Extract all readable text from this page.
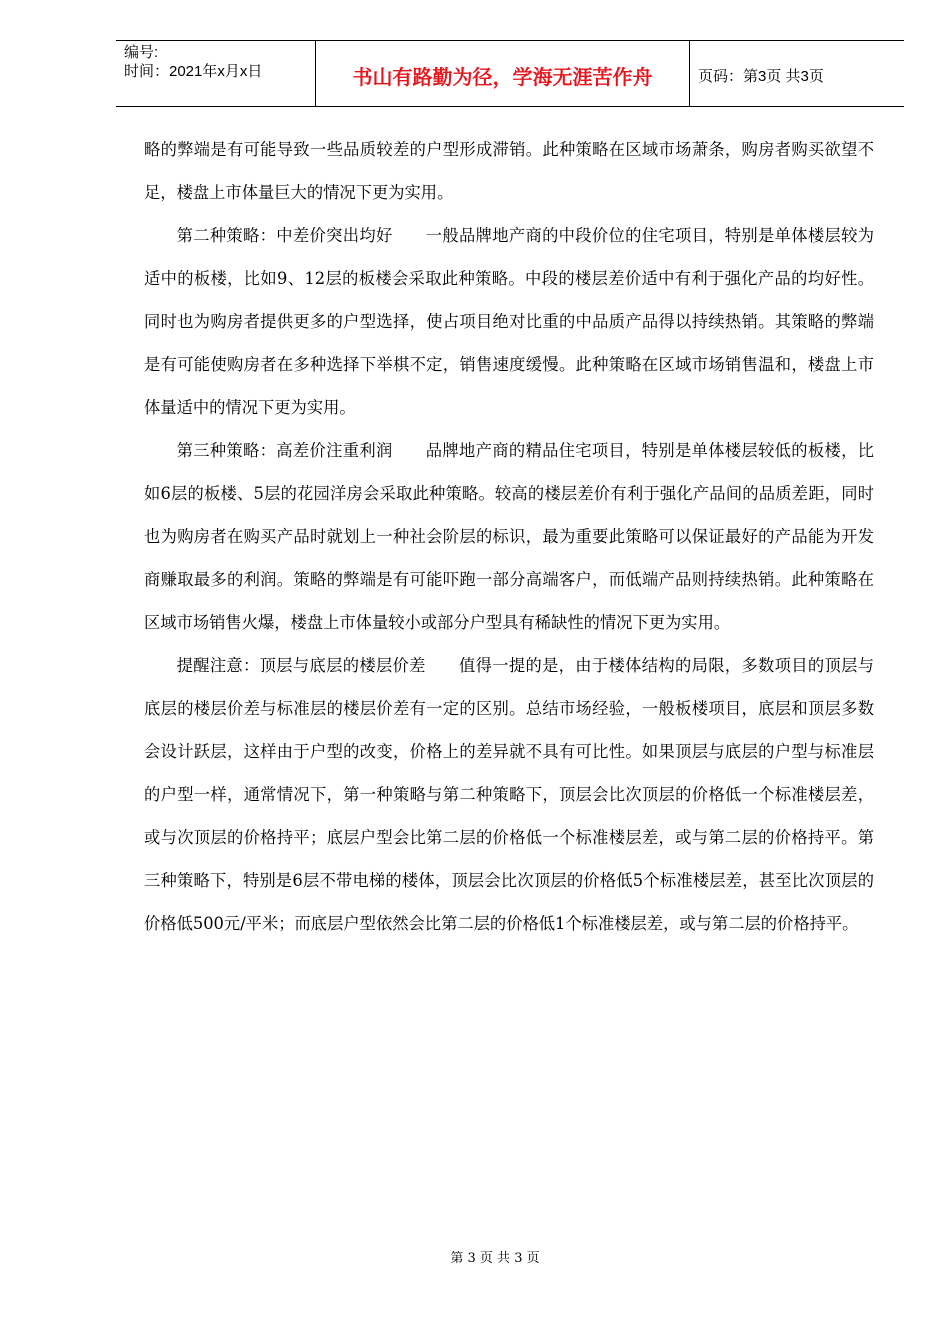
编号:
时间：2021年x月x日	书山有路勤为径，学海无涯苦作舟	页码：第3页 共3页

略的弊端是有可能导致一些品质较差的户型形成滞销。此种策略在区域市场萧条，购房者购买欲望不足，楼盘上市体量巨大的情况下更为实用。

第二种策略：中差价突出均好　　一般品牌地产商的中段价位的住宅项目，特别是单体楼层较为适中的板楼，比如9、12层的板楼会采取此种策略。中段的楼层差价适中有利于强化产品的均好性。同时也为购房者提供更多的户型选择，使占项目绝对比重的中品质产品得以持续热销。其策略的弊端是有可能使购房者在多种选择下举棋不定，销售速度缓慢。此种策略在区域市场销售温和，楼盘上市体量适中的情况下更为实用。

第三种策略：高差价注重利润　　品牌地产商的精品住宅项目，特别是单体楼层较低的板楼，比如6层的板楼、5层的花园洋房会采取此种策略。较高的楼层差价有利于强化产品间的品质差距，同时也为购房者在购买产品时就划上一种社会阶层的标识，最为重要此策略可以保证最好的产品能为开发商赚取最多的利润。策略的弊端是有可能吓跑一部分高端客户，而低端产品则持续热销。此种策略在区域市场销售火爆，楼盘上市体量较小或部分户型具有稀缺性的情况下更为实用。

提醒注意：顶层与底层的楼层价差　　值得一提的是，由于楼体结构的局限，多数项目的顶层与底层的楼层价差与标准层的楼层价差有一定的区别。总结市场经验，一般板楼项目，底层和顶层多数会设计跃层，这样由于户型的改变，价格上的差异就不具有可比性。如果顶层与底层的户型与标准层的户型一样，通常情况下，第一种策略与第二种策略下，顶层会比次顶层的价格低一个标准楼层差，或与次顶层的价格持平；底层户型会比第二层的价格低一个标准楼层差，或与第二层的价格持平。第三种策略下，特别是6层不带电梯的楼体，顶层会比次顶层的价格低5个标准楼层差，甚至比次顶层的价格低500元/平米；而底层户型依然会比第二层的价格低1个标准楼层差，或与第二层的价格持平。

第 3 页 共 3 页
